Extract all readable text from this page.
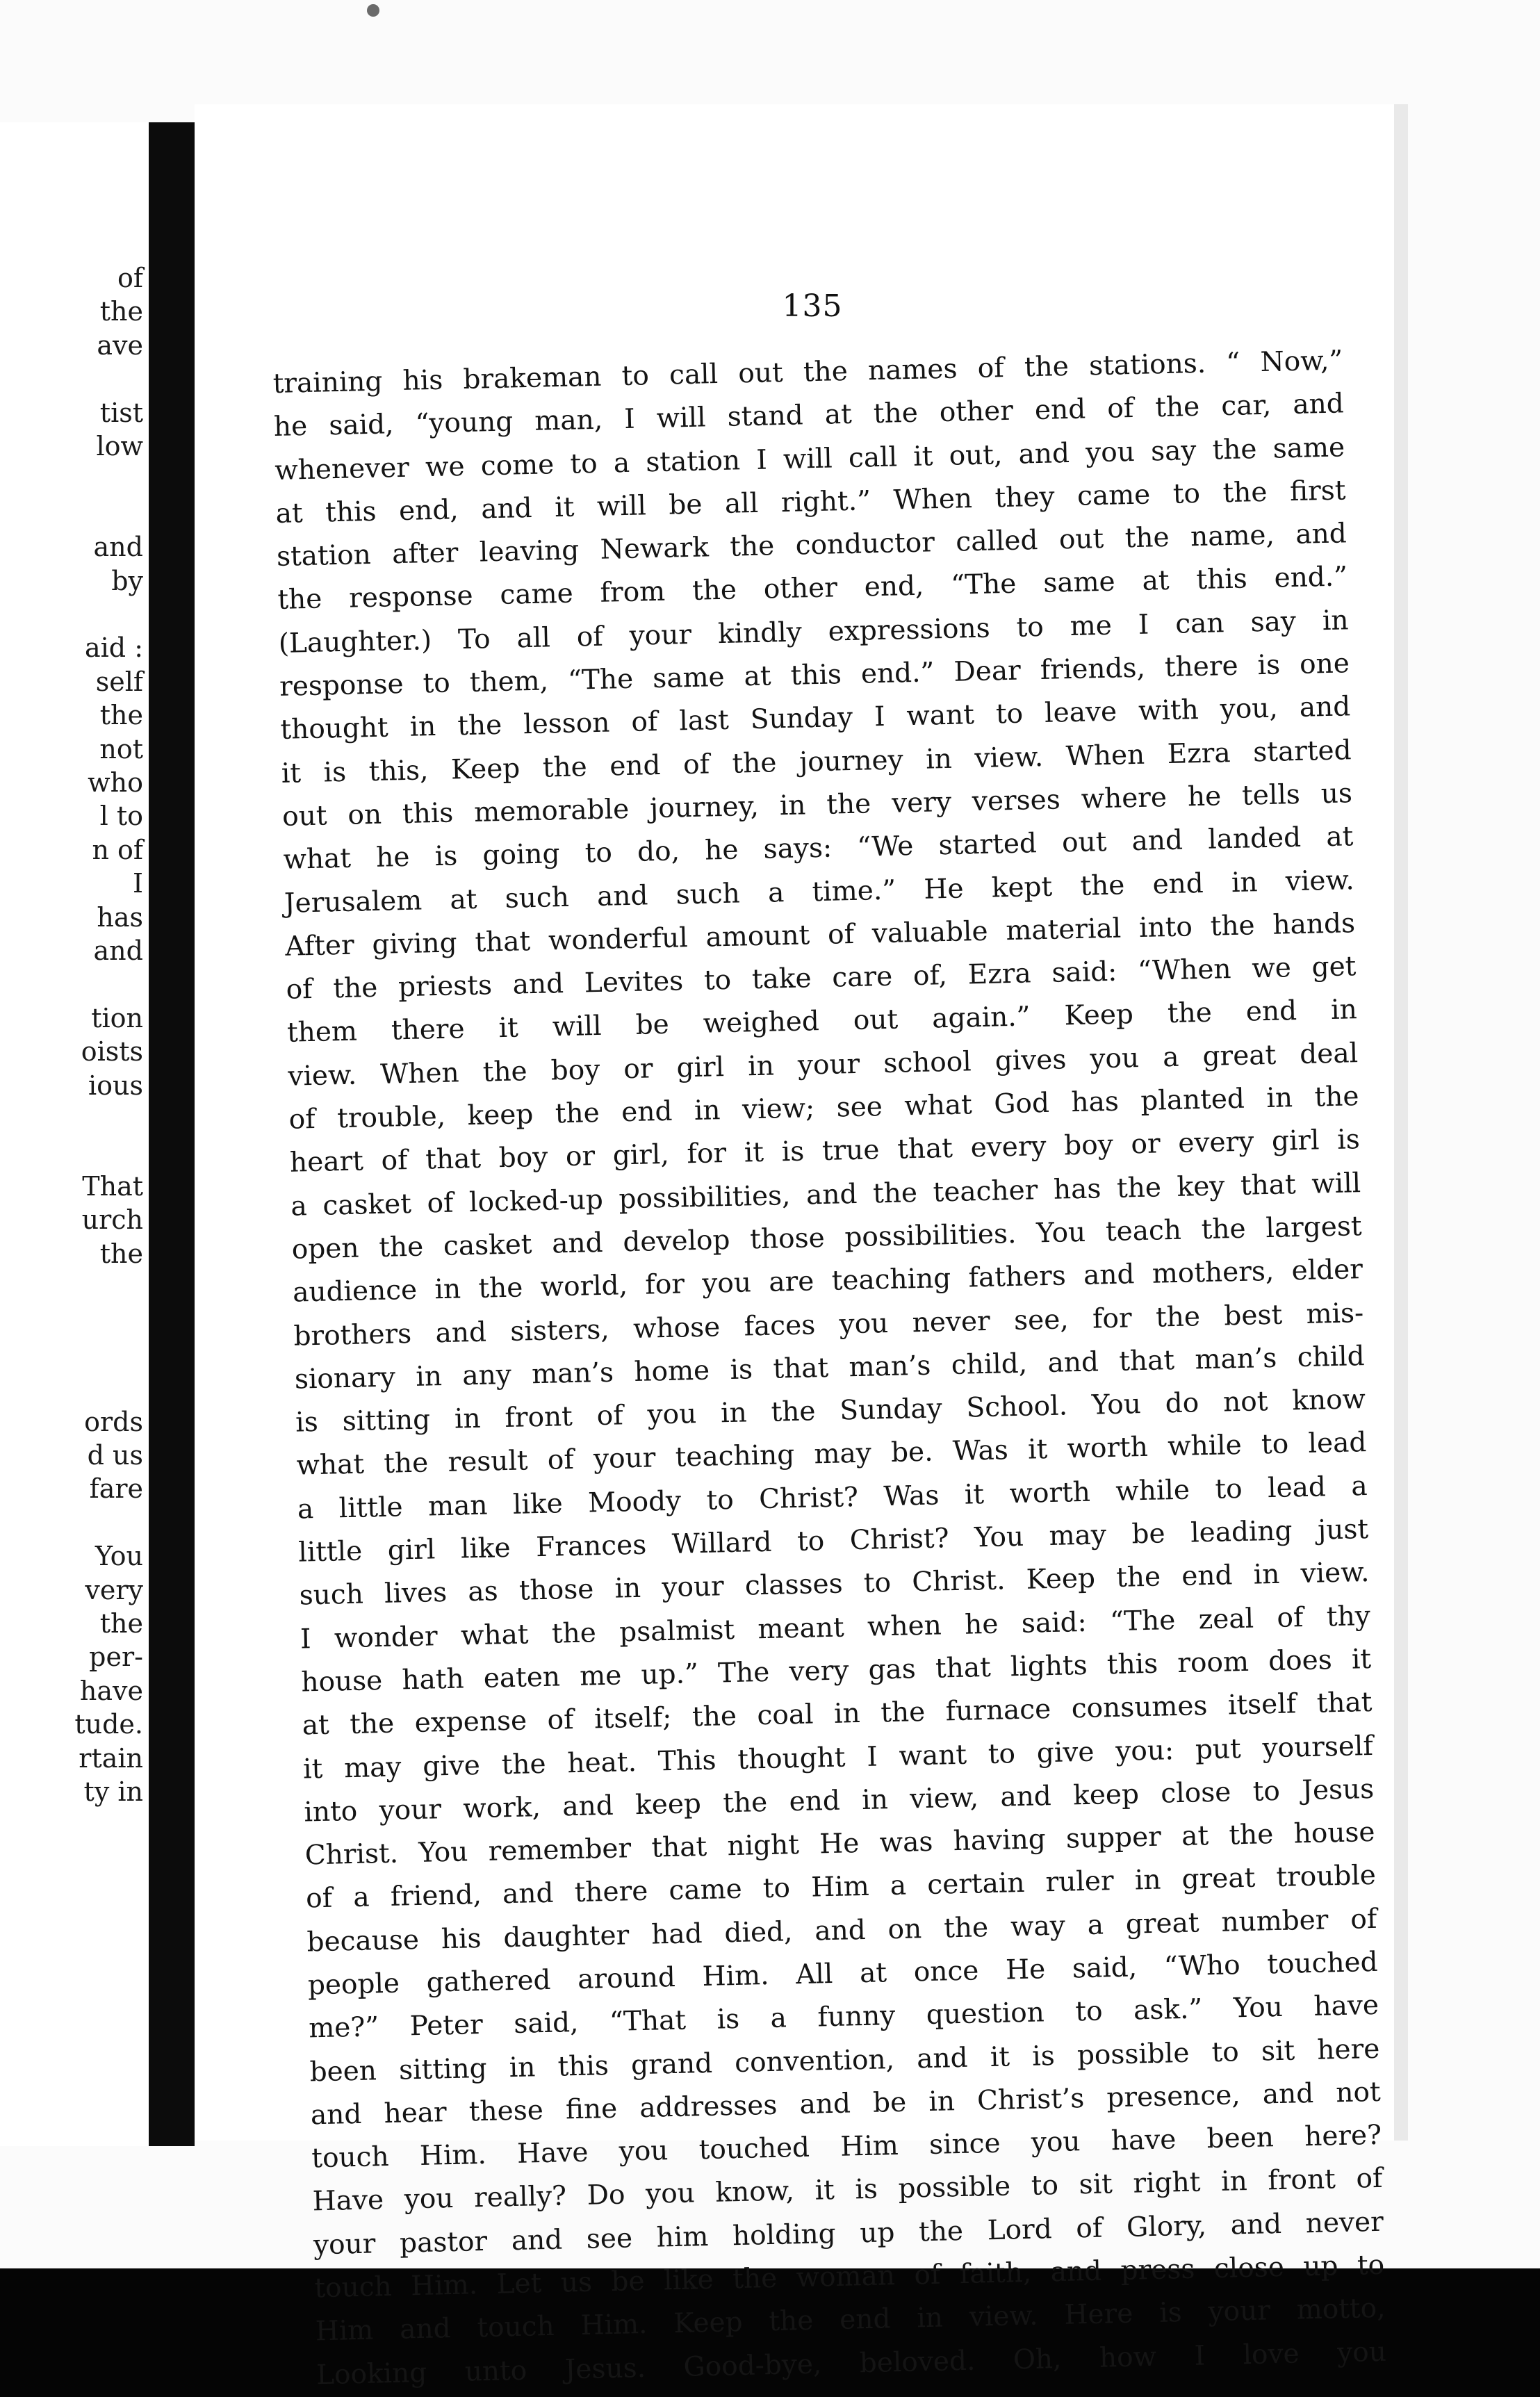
of
the
ave
tist
low
and
by
aid :
self
the
not
who
l to
n of
I
has
and
tion
oists
ious
That
urch
the
ords
d us
fare
You
very
the
per-
have
tude.
rtain
ty in
135
training his brakeman to call out the names of the stations. “ Now,”
he said, “young man, I will stand at the other end of the car, and
whenever we come to a station I will call it out, and you say the same
at this end, and it will be all right.” When they came to the first
station after leaving Newark the conductor called out the name, and
the response came from the other end, “The same at this end.”
(Laughter.) To all of your kindly expressions to me I can say in
response to them, “The same at this end.” Dear friends, there is one
thought in the lesson of last Sunday I want to leave with you, and
it is this, Keep the end of the journey in view. When Ezra started
out on this memorable journey, in the very verses where he tells us
what he is going to do, he says: “We started out and landed at
Jerusalem at such and such a time.” He kept the end in view.
After giving that wonderful amount of valuable material into the hands
of the priests and Levites to take care of, Ezra said: “When we get
them there it will be weighed out again.” Keep the end in
view. When the boy or girl in your school gives you a great deal
of trouble, keep the end in view; see what God has planted in the
heart of that boy or girl, for it is true that every boy or every girl is
a casket of locked-up possibilities, and the teacher has the key that will
open the casket and develop those possibilities. You teach the largest
audience in the world, for you are teaching fathers and mothers, elder
brothers and sisters, whose faces you never see, for the best mis-
sionary in any man’s home is that man’s child, and that man’s child
is sitting in front of you in the Sunday School. You do not know
what the result of your teaching may be. Was it worth while to lead
a little man like Moody to Christ? Was it worth while to lead a
little girl like Frances Willard to Christ? You may be leading just
such lives as those in your classes to Christ. Keep the end in view.
I wonder what the psalmist meant when he said: “The zeal of thy
house hath eaten me up.” The very gas that lights this room does it
at the expense of itself; the coal in the furnace consumes itself that
it may give the heat. This thought I want to give you: put yourself
into your work, and keep the end in view, and keep close to Jesus
Christ. You remember that night He was having supper at the house
of a friend, and there came to Him a certain ruler in great trouble
because his daughter had died, and on the way a great number of
people gathered around Him. All at once He said, “Who touched
me?” Peter said, “That is a funny question to ask.” You have
been sitting in this grand convention, and it is possible to sit here
and hear these fine addresses and be in Christ’s presence, and not
touch Him. Have you touched Him since you have been here?
Have you really? Do you know, it is possible to sit right in front of
your pastor and see him holding up the Lord of Glory, and never
touch Him. Let us be like the woman of faith, and press close up to
Him and touch Him. Keep the end in view. Here is your motto,
Looking unto Jesus. Good-bye, beloved. Oh, how I love you
